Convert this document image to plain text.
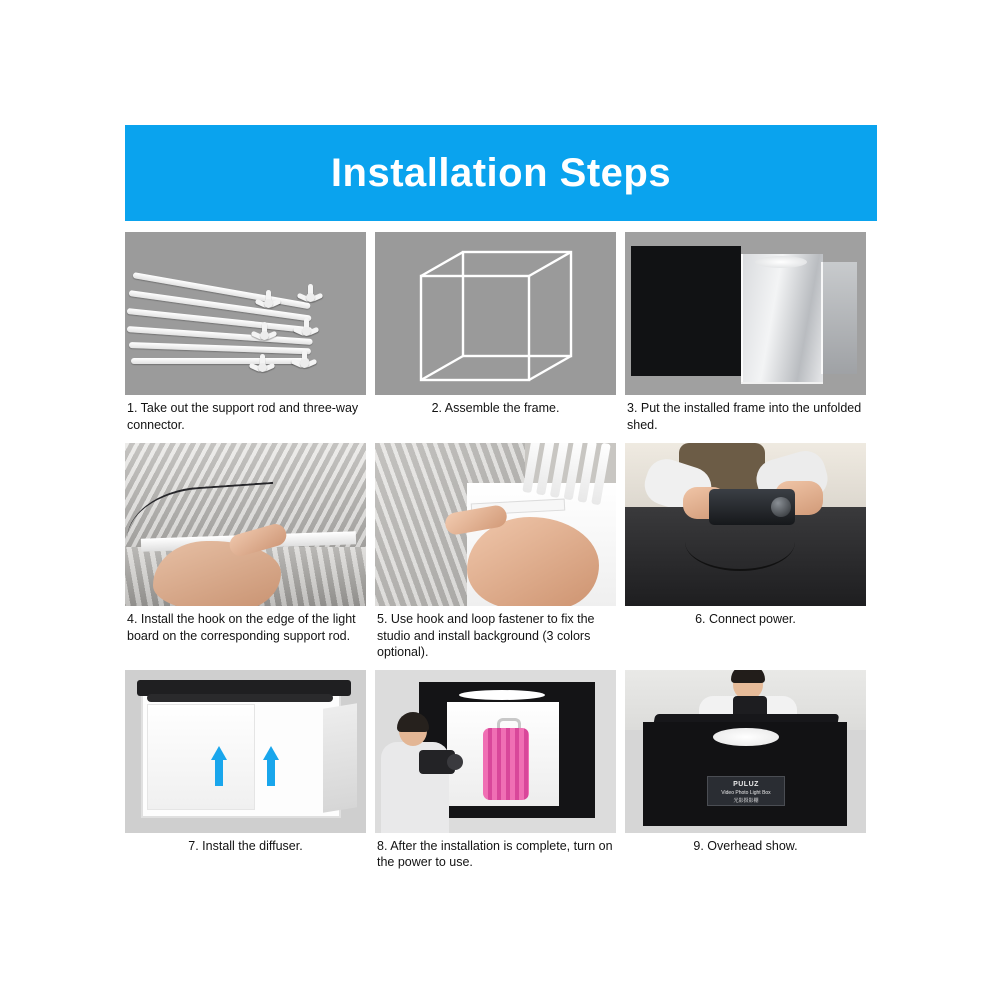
Installation Steps
1. Take out the support rod and three-way connector.
2. Assemble the frame.	3. Put the installed frame into the unfolded shed.
4. Install the hook on the edge of the light board on the corresponding support rod.
5. Use hook and loop fastener to fix the studio and install background (3 colors optional).
6. Connect power.
7. Install the diffuser.	8. After the installation is complete, turn on the power to use.
PULUZ
Video Photo Light Box
光影摄影棚
9. Overhead show.
